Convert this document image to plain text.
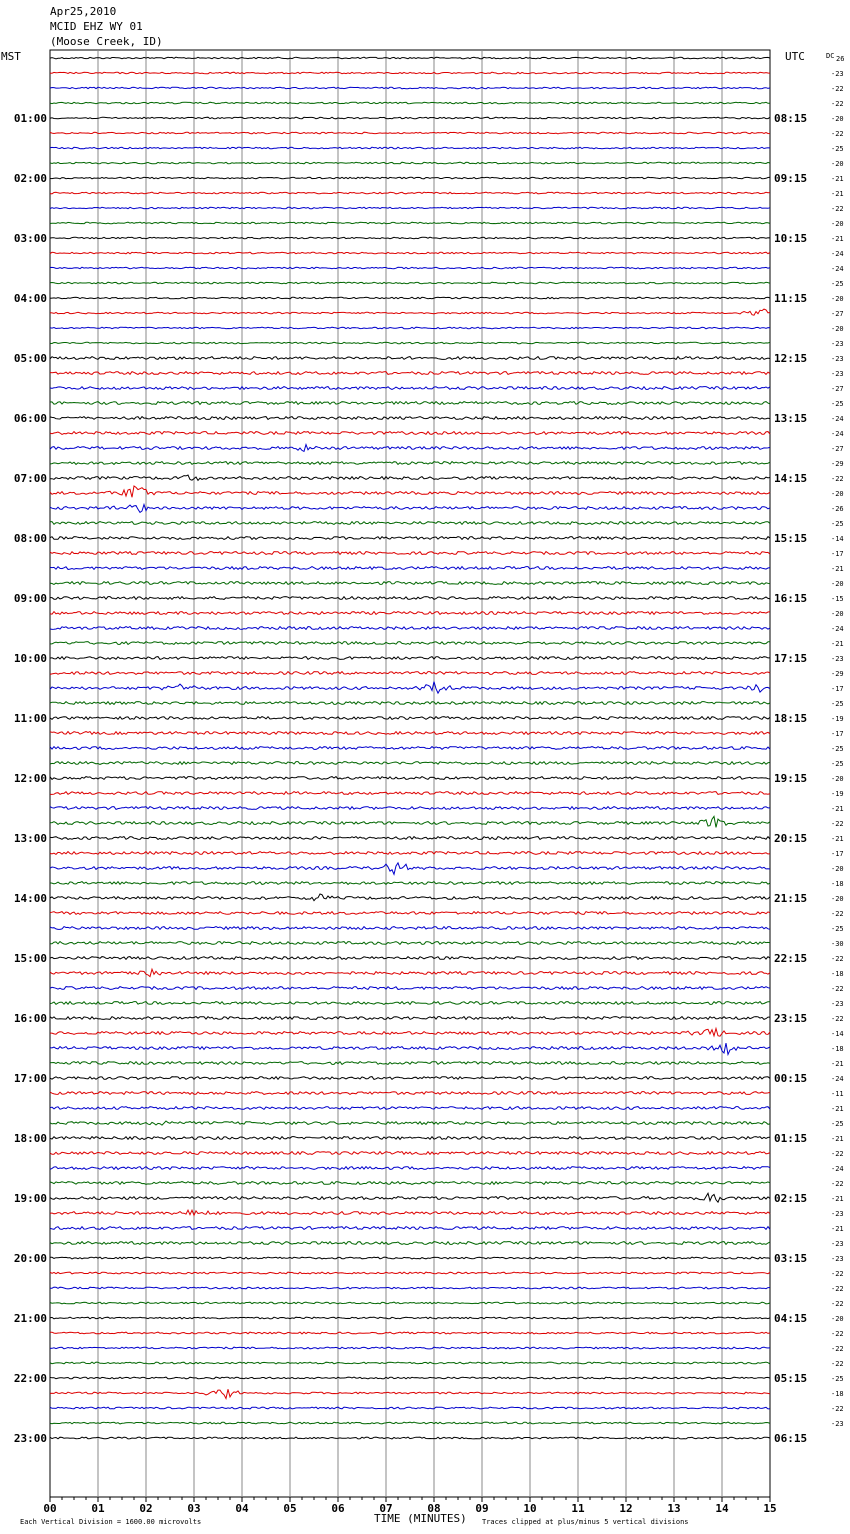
Apr25,2010
MCID EHZ WY 01
(Moose Creek, ID)
MST	UTC	DC
00	01	02	03	04	05	06	07	08	09	10	11	12	13	14	15
26
-23
-22
-22
-20
-22
-25
-20
-21
-21
-22
-20
-21
-24
-24
-25
-20
-27
-20
-23
-23
-23
-27
-25
-24
-24
-27
-29
-22
-20
-26
-25
-14
-17
-21
-20
-15
-20
-24
-21
-23
-29
-17
-25
-19
-17
-25
-25
-20
-19
-21
-22
-21
-17
-20
-18
-20
-22
-25
-30
-22
-18
-22
-23
-22
-14
-18
-21
-24
-11
-21
-25
-21
-22
-24
-22
-21
-23
-21
-23
-23
-22
-22
-22
-20
-22
-22
-22
-25
-18
-22
-23
01:00	08:15
02:00	09:15
03:00	10:15
04:00	11:15
05:00	12:15
06:00	13:15
07:00	14:15
08:00	15:15
09:00	16:15
10:00	17:15
11:00	18:15
12:00	19:15
13:00	20:15
14:00	21:15
15:00	22:15
16:00	23:15
17:00	00:15
18:00	01:15
19:00	02:15
20:00	03:15
21:00	04:15
22:00	05:15
23:00	06:15
Each Vertical Division = 1600.00 microvolts	TIME (MINUTES) Traces clipped at plus/minus 5 vertical divisions
